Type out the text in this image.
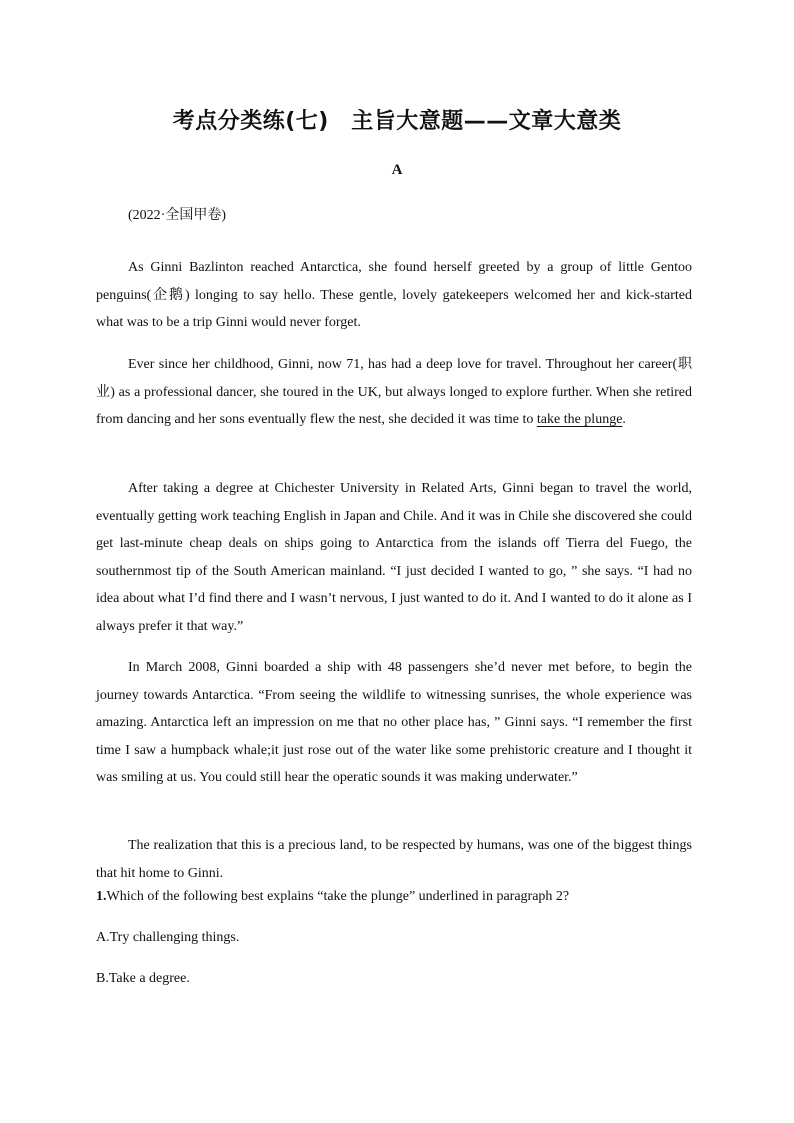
考点分类练(七)　主旨大意题——文章大意类
A
(2022·全国甲卷)

As Ginni Bazlinton reached Antarctica, she found herself greeted by a group of little Gentoo penguins(企鹅) longing to say hello. These gentle, lovely gatekeepers welcomed her and kick-started what was to be a trip Ginni would never forget.

Ever since her childhood, Ginni, now 71, has had a deep love for travel. Throughout her career(职业) as a professional dancer, she toured in the UK, but always longed to explore further. When she retired from dancing and her sons eventually flew the nest, she decided it was time to take the plunge.

After taking a degree at Chichester University in Related Arts, Ginni began to travel the world, eventually getting work teaching English in Japan and Chile. And it was in Chile she discovered she could get last-minute cheap deals on ships going to Antarctica from the islands off Tierra del Fuego, the southernmost tip of the South American mainland. “I just decided I wanted to go, ” she says. “I had no idea about what I’d find there and I wasn’t nervous, I just wanted to do it. And I wanted to do it alone as I always prefer it that way.”

In March 2008, Ginni boarded a ship with 48 passengers she’d never met before, to begin the journey towards Antarctica. “From seeing the wildlife to witnessing sunrises, the whole experience was amazing. Antarctica left an impression on me that no other place has, ” Ginni says. “I remember the first time I saw a humpback whale;it just rose out of the water like some prehistoric creature and I thought it was smiling at us. You could still hear the operatic sounds it was making underwater.”

The realization that this is a precious land, to be respected by humans, was one of the biggest things that hit home to Ginni.

1.Which of the following best explains “take the plunge” underlined in paragraph 2?
A.Try challenging things.
B.Take a degree.
